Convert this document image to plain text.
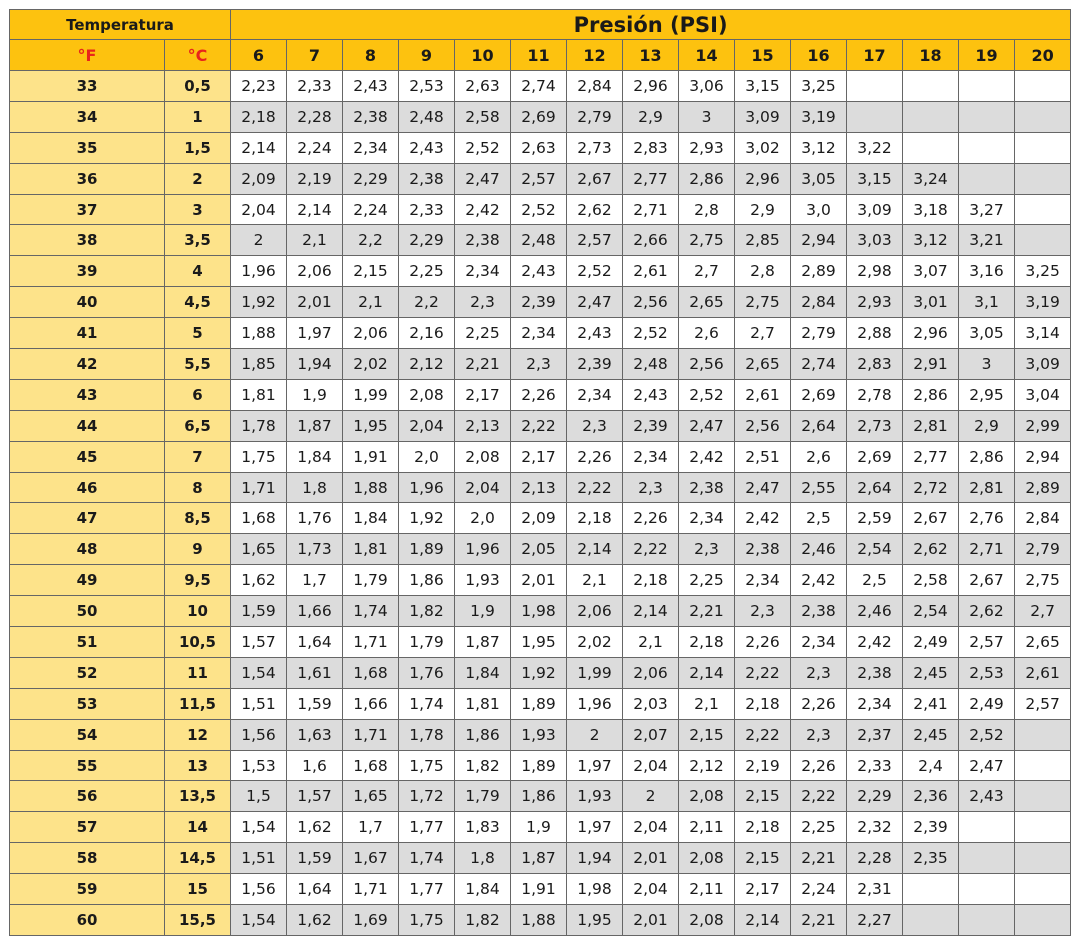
Temperatura		Presión (PSI)														
°F	°C	6	7	8	9	10	11	12	13	14	15	16	17	18	19	20
33	0,5	2,23	2,33	2,43	2,53	2,63	2,74	2,84	2,96	3,06	3,15	3,25				
34	1	2,18	2,28	2,38	2,48	2,58	2,69	2,79	2,9	3	3,09	3,19				
35	1,5	2,14	2,24	2,34	2,43	2,52	2,63	2,73	2,83	2,93	3,02	3,12	3,22			
36	2	2,09	2,19	2,29	2,38	2,47	2,57	2,67	2,77	2,86	2,96	3,05	3,15	3,24		
37	3	2,04	2,14	2,24	2,33	2,42	2,52	2,62	2,71	2,8	2,9	3,0	3,09	3,18	3,27	
38	3,5	2	2,1	2,2	2,29	2,38	2,48	2,57	2,66	2,75	2,85	2,94	3,03	3,12	3,21	
39	4	1,96	2,06	2,15	2,25	2,34	2,43	2,52	2,61	2,7	2,8	2,89	2,98	3,07	3,16	3,25
40	4,5	1,92	2,01	2,1	2,2	2,3	2,39	2,47	2,56	2,65	2,75	2,84	2,93	3,01	3,1	3,19
41	5	1,88	1,97	2,06	2,16	2,25	2,34	2,43	2,52	2,6	2,7	2,79	2,88	2,96	3,05	3,14
42	5,5	1,85	1,94	2,02	2,12	2,21	2,3	2,39	2,48	2,56	2,65	2,74	2,83	2,91	3	3,09
43	6	1,81	1,9	1,99	2,08	2,17	2,26	2,34	2,43	2,52	2,61	2,69	2,78	2,86	2,95	3,04
44	6,5	1,78	1,87	1,95	2,04	2,13	2,22	2,3	2,39	2,47	2,56	2,64	2,73	2,81	2,9	2,99
45	7	1,75	1,84	1,91	2,0	2,08	2,17	2,26	2,34	2,42	2,51	2,6	2,69	2,77	2,86	2,94
46	8	1,71	1,8	1,88	1,96	2,04	2,13	2,22	2,3	2,38	2,47	2,55	2,64	2,72	2,81	2,89
47	8,5	1,68	1,76	1,84	1,92	2,0	2,09	2,18	2,26	2,34	2,42	2,5	2,59	2,67	2,76	2,84
48	9	1,65	1,73	1,81	1,89	1,96	2,05	2,14	2,22	2,3	2,38	2,46	2,54	2,62	2,71	2,79
49	9,5	1,62	1,7	1,79	1,86	1,93	2,01	2,1	2,18	2,25	2,34	2,42	2,5	2,58	2,67	2,75
50	10	1,59	1,66	1,74	1,82	1,9	1,98	2,06	2,14	2,21	2,3	2,38	2,46	2,54	2,62	2,7
51	10,5	1,57	1,64	1,71	1,79	1,87	1,95	2,02	2,1	2,18	2,26	2,34	2,42	2,49	2,57	2,65
52	11	1,54	1,61	1,68	1,76	1,84	1,92	1,99	2,06	2,14	2,22	2,3	2,38	2,45	2,53	2,61
53	11,5	1,51	1,59	1,66	1,74	1,81	1,89	1,96	2,03	2,1	2,18	2,26	2,34	2,41	2,49	2,57
54	12	1,56	1,63	1,71	1,78	1,86	1,93	2	2,07	2,15	2,22	2,3	2,37	2,45	2,52	
55	13	1,53	1,6	1,68	1,75	1,82	1,89	1,97	2,04	2,12	2,19	2,26	2,33	2,4	2,47	
56	13,5	1,5	1,57	1,65	1,72	1,79	1,86	1,93	2	2,08	2,15	2,22	2,29	2,36	2,43	
57	14	1,54	1,62	1,7	1,77	1,83	1,9	1,97	2,04	2,11	2,18	2,25	2,32	2,39		
58	14,5	1,51	1,59	1,67	1,74	1,8	1,87	1,94	2,01	2,08	2,15	2,21	2,28	2,35		
59	15	1,56	1,64	1,71	1,77	1,84	1,91	1,98	2,04	2,11	2,17	2,24	2,31			
60	15,5	1,54	1,62	1,69	1,75	1,82	1,88	1,95	2,01	2,08	2,14	2,21	2,27			
